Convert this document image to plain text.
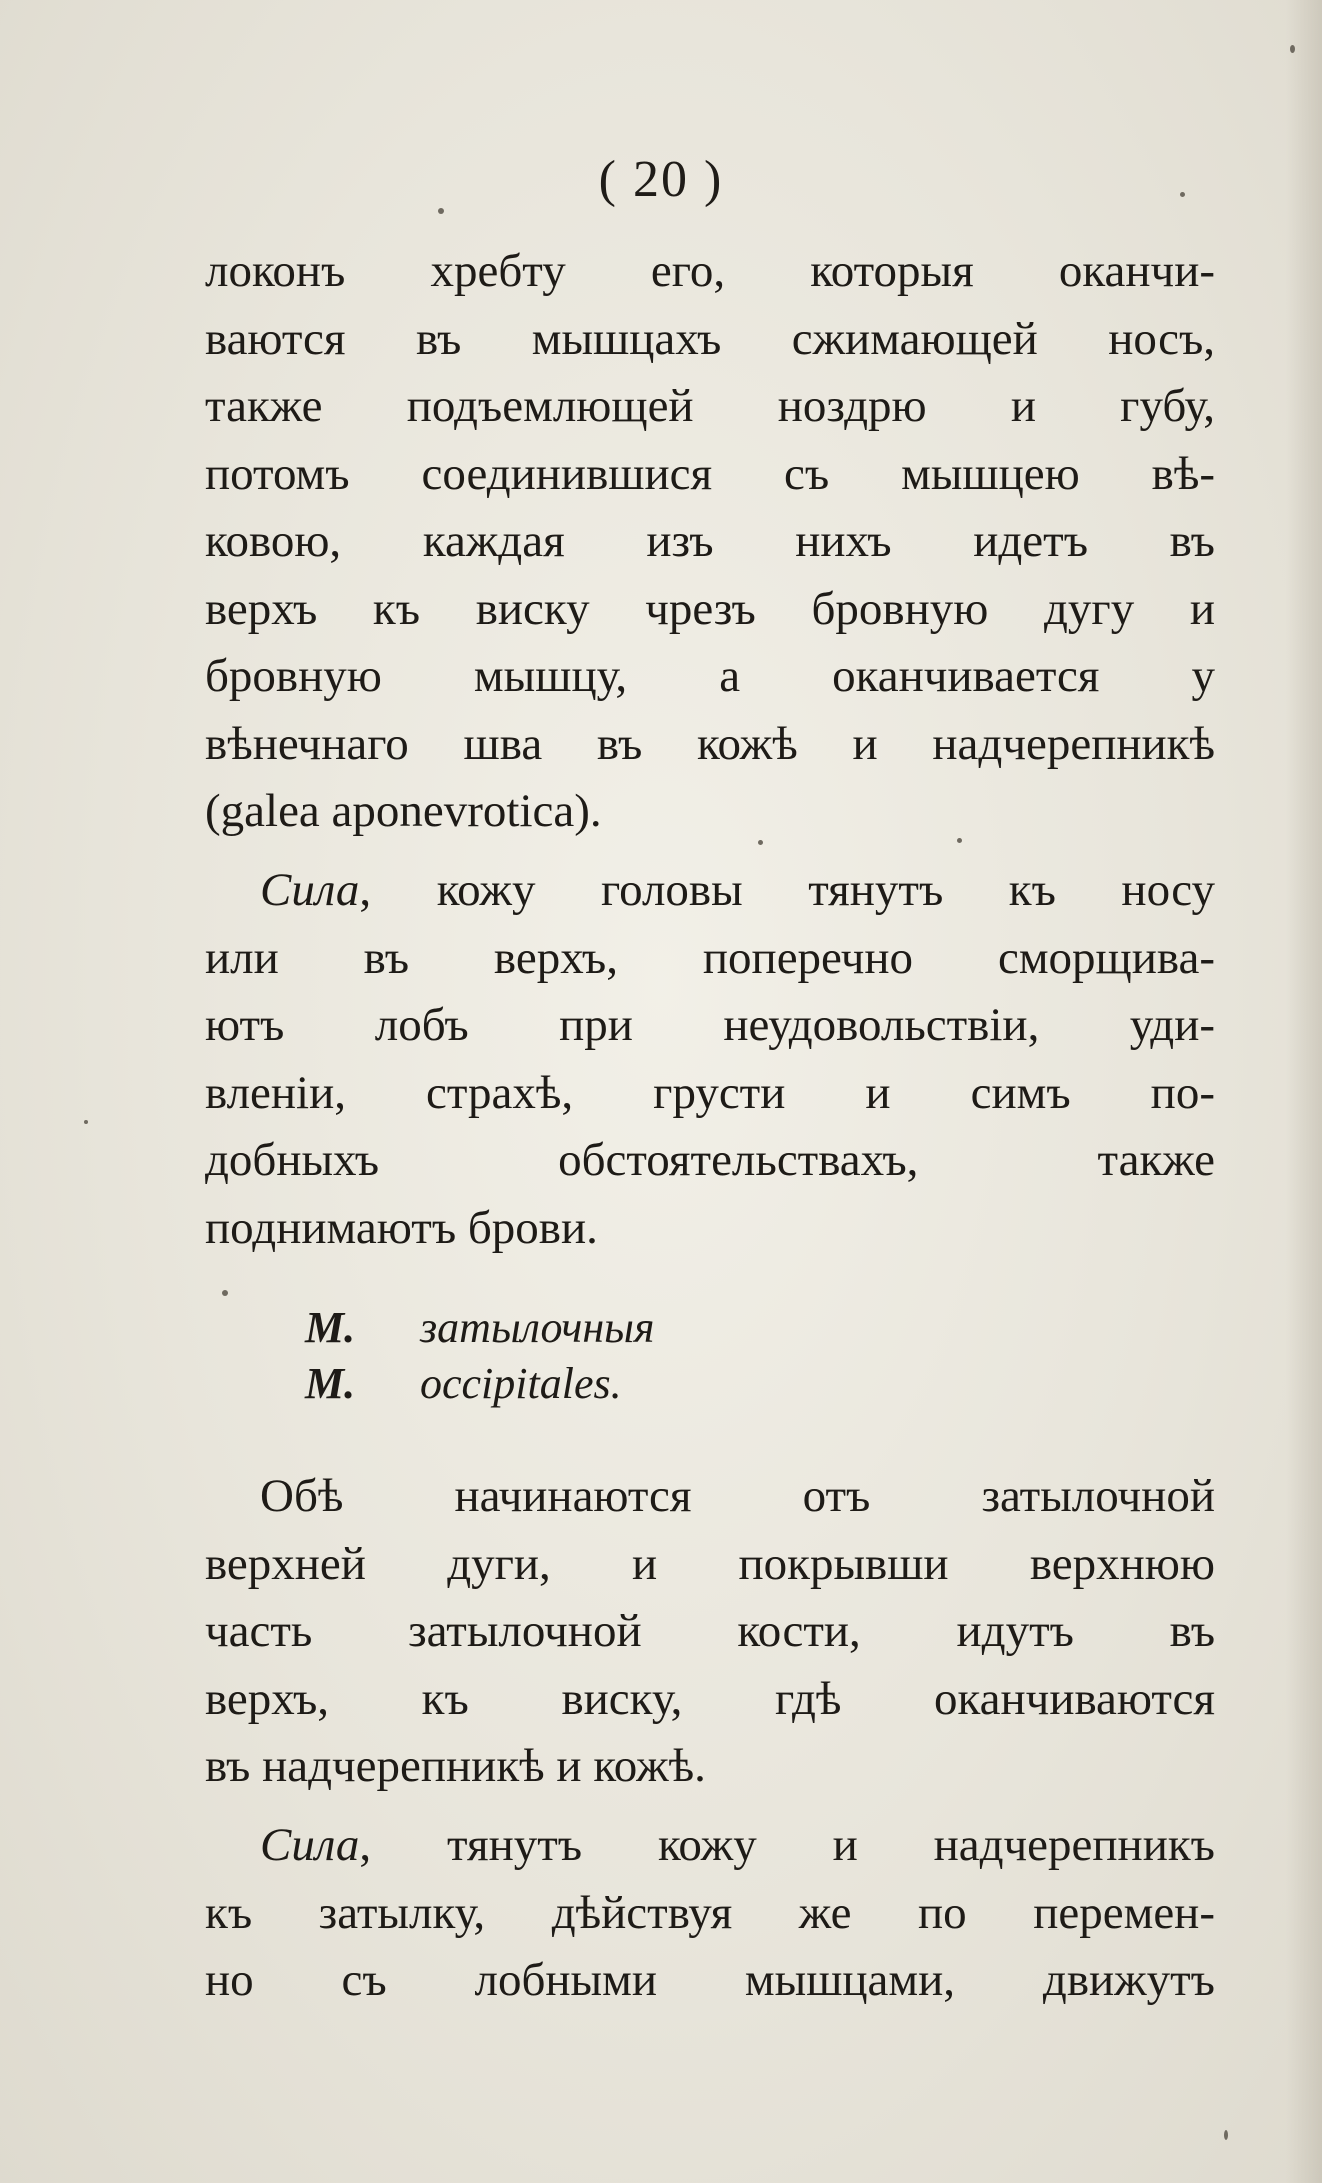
( 20 )
локонъ хребту его, которыя оканчи-
ваются въ мышцахъ сжимающей носъ,
также подъемлющей ноздрю и губу,
потомъ соединившися съ мышцею вѣ-
ковою, каждая изъ нихъ идетъ въ
верхъ къ виску чрезъ бровную дугу и
бровную мышцу, а оканчивается у
вѣнечнаго шва въ кожѣ и надчерепникѣ
(galea aponevrotica).
Сила, кожу головы тянутъ къ носу
или въ верхъ, поперечно сморщива-
ютъ лобъ при неудовольствіи, уди-
вленіи, страхѣ, грусти и симъ по-
добныхъ обстоятельствахъ, также
поднимаютъ брови.
М. затылочныя
M. occipitales.
Обѣ начинаются отъ затылочной
верхней дуги, и покрывши верхнюю
часть затылочной кости, идутъ въ
верхъ, къ виску, гдѣ оканчиваются
въ надчерепникѣ и кожѣ.
Сила, тянутъ кожу и надчерепникъ
къ затылку, дѣйствуя же по перемен-
но съ лобными мышцами, движутъ
